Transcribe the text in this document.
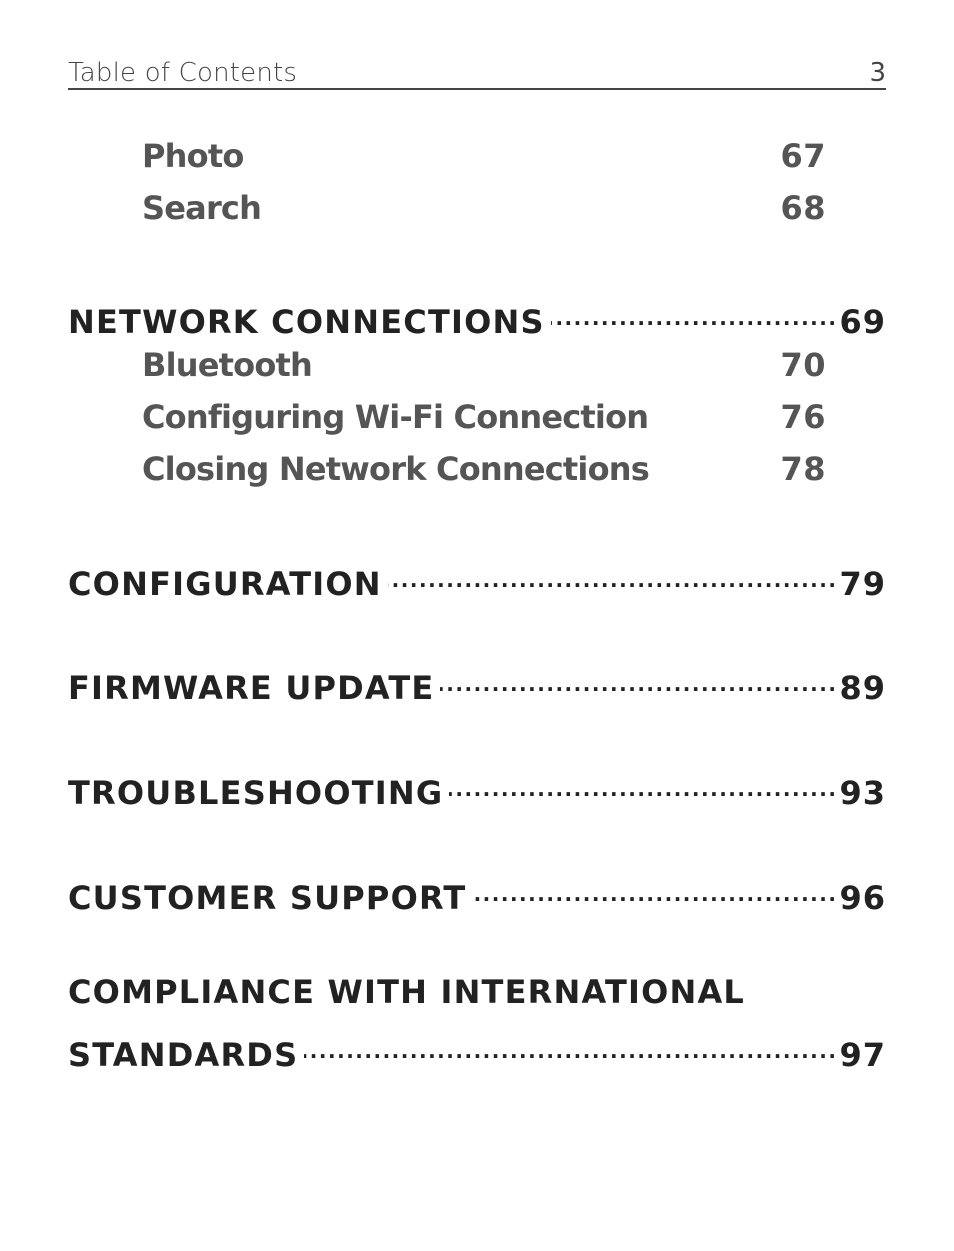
Table of Contents	3
Photo	67
Search	68
NETWORK CONNECTIONS .....	69
Bluetooth	70
Configuring Wi-Fi Connection	76
Closing Network Connections	78
CONFIGURATION .....	79
FIRMWARE UPDATE .....	89
TROUBLESHOOTING .....	93
CUSTOMER SUPPORT .....	96
COMPLIANCE WITH INTERNATIONAL
STANDARDS .....	97
